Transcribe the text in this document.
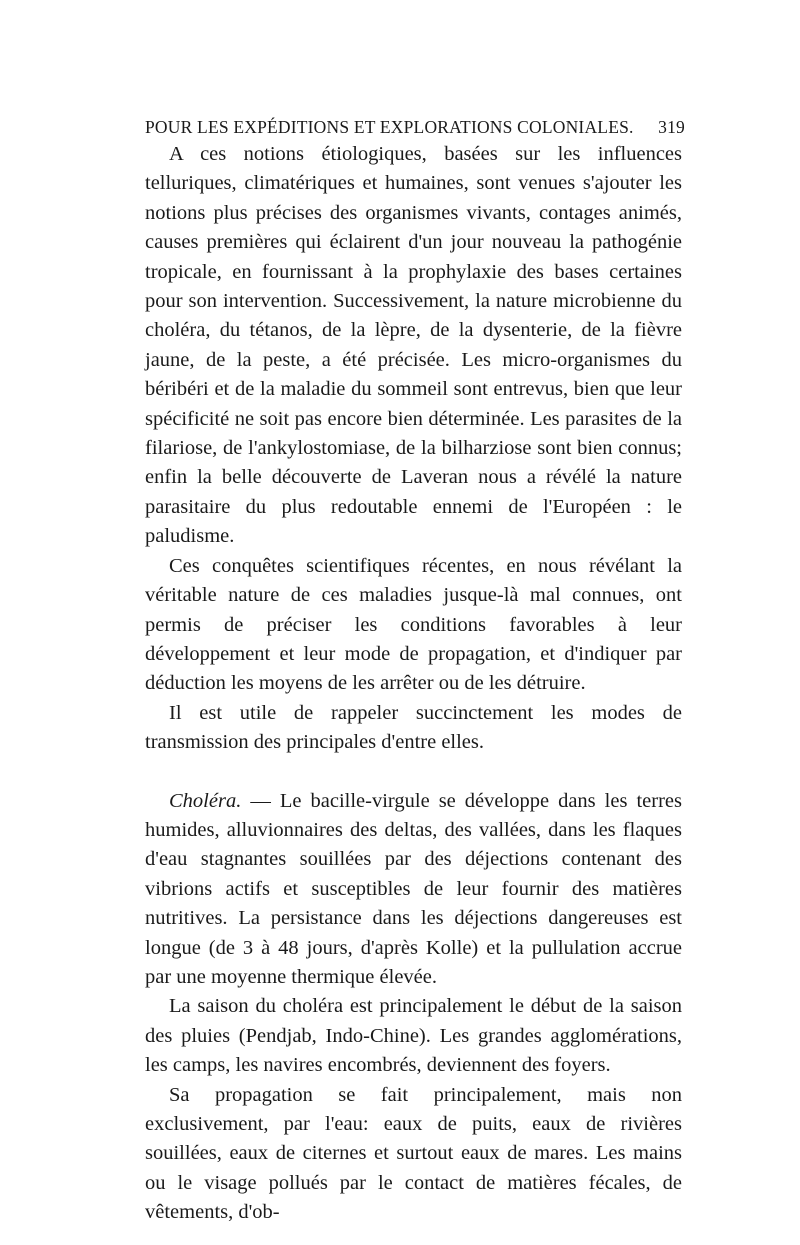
POUR LES EXPÉDITIONS ET EXPLORATIONS COLONIALES. 319

A ces notions étiologiques, basées sur les influences telluriques, climatériques et humaines, sont venues s'ajouter les notions plus précises des organismes vivants, contages animés, causes premières qui éclairent d'un jour nouveau la pathogénie tropicale, en fournissant à la prophylaxie des bases certaines pour son intervention. Successivement, la nature microbienne du choléra, du tétanos, de la lèpre, de la dysenterie, de la fièvre jaune, de la peste, a été précisée. Les micro-organismes du béribéri et de la maladie du sommeil sont entrevus, bien que leur spécificité ne soit pas encore bien déterminée. Les parasites de la filariose, de l'ankylostomiase, de la bilharziose sont bien connus; enfin la belle découverte de Laveran nous a révélé la nature parasitaire du plus redoutable ennemi de l'Européen : le paludisme.

Ces conquêtes scientifiques récentes, en nous révélant la véritable nature de ces maladies jusque-là mal connues, ont permis de préciser les conditions favorables à leur développement et leur mode de propagation, et d'indiquer par déduction les moyens de les arrêter ou de les détruire.

Il est utile de rappeler succinctement les modes de transmission des principales d'entre elles.

Choléra. — Le bacille-virgule se développe dans les terres humides, alluvionnaires des deltas, des vallées, dans les flaques d'eau stagnantes souillées par des déjections contenant des vibrions actifs et susceptibles de leur fournir des matières nutritives. La persistance dans les déjections dangereuses est longue (de 3 à 48 jours, d'après Kolle) et la pullulation accrue par une moyenne thermique élevée.

La saison du choléra est principalement le début de la saison des pluies (Pendjab, Indo-Chine). Les grandes agglomérations, les camps, les navires encombrés, deviennent des foyers.

Sa propagation se fait principalement, mais non exclusivement, par l'eau: eaux de puits, eaux de rivières souillées, eaux de citernes et surtout eaux de mares. Les mains ou le visage pollués par le contact de matières fécales, de vêtements, d'ob-
